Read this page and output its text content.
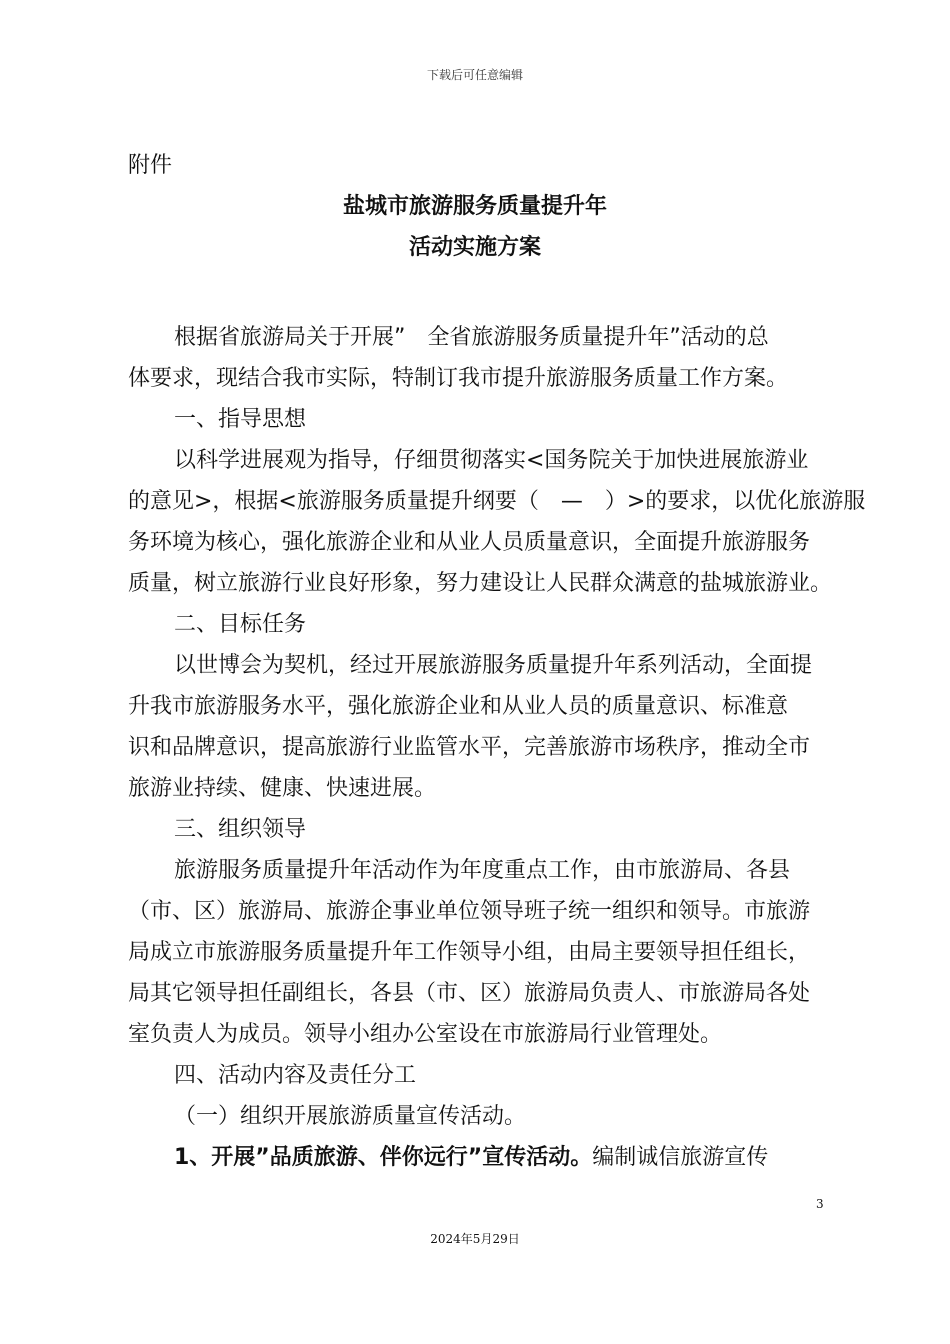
下载后可任意编辑
附件
盐城市旅游服务质量提升年
活动实施方案
根据省旅游局关于开展”　全省旅游服务质量提升年”活动的总
体要求，现结合我市实际，特制订我市提升旅游服务质量工作方案。
一、指导思想
以科学进展观为指导，仔细贯彻落实<国务院关于加快进展旅游业
的意见>，根据<旅游服务质量提升纲要（　—　）>的要求，以优化旅游服
务环境为核心，强化旅游企业和从业人员质量意识，全面提升旅游服务
质量，树立旅游行业良好形象，努力建设让人民群众满意的盐城旅游业。
二、目标任务
以世博会为契机，经过开展旅游服务质量提升年系列活动，全面提
升我市旅游服务水平，强化旅游企业和从业人员的质量意识、标准意
识和品牌意识，提高旅游行业监管水平，完善旅游市场秩序，推动全市
旅游业持续、健康、快速进展。
三、组织领导
旅游服务质量提升年活动作为年度重点工作，由市旅游局、各县
（市、区）旅游局、旅游企事业单位领导班子统一组织和领导。市旅游
局成立市旅游服务质量提升年工作领导小组，由局主要领导担任组长，
局其它领导担任副组长，各县（市、区）旅游局负责人、市旅游局各处
室负责人为成员。领导小组办公室设在市旅游局行业管理处。
四、活动内容及责任分工
（一）组织开展旅游质量宣传活动。
1、开展”品质旅游、伴你远行”宣传活动。编制诚信旅游宣传
3
2024年5月29日
